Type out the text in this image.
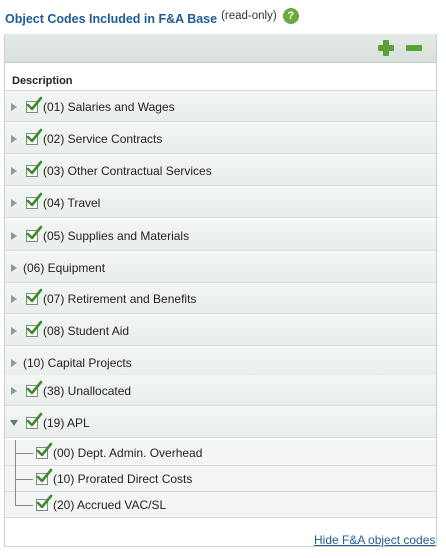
Object Codes Included in F&A Base (read-only) ?
Description
(01) Salaries and Wages
(02) Service Contracts
(03) Other Contractual Services
(04) Travel
(05) Supplies and Materials
(06) Equipment
(07) Retirement and Benefits
(08) Student Aid
(10) Capital Projects
(38) Unallocated
(19) APL
(00) Dept. Admin. Overhead
(10) Prorated Direct Costs
(20) Accrued VAC/SL
Hide F&A object codes
